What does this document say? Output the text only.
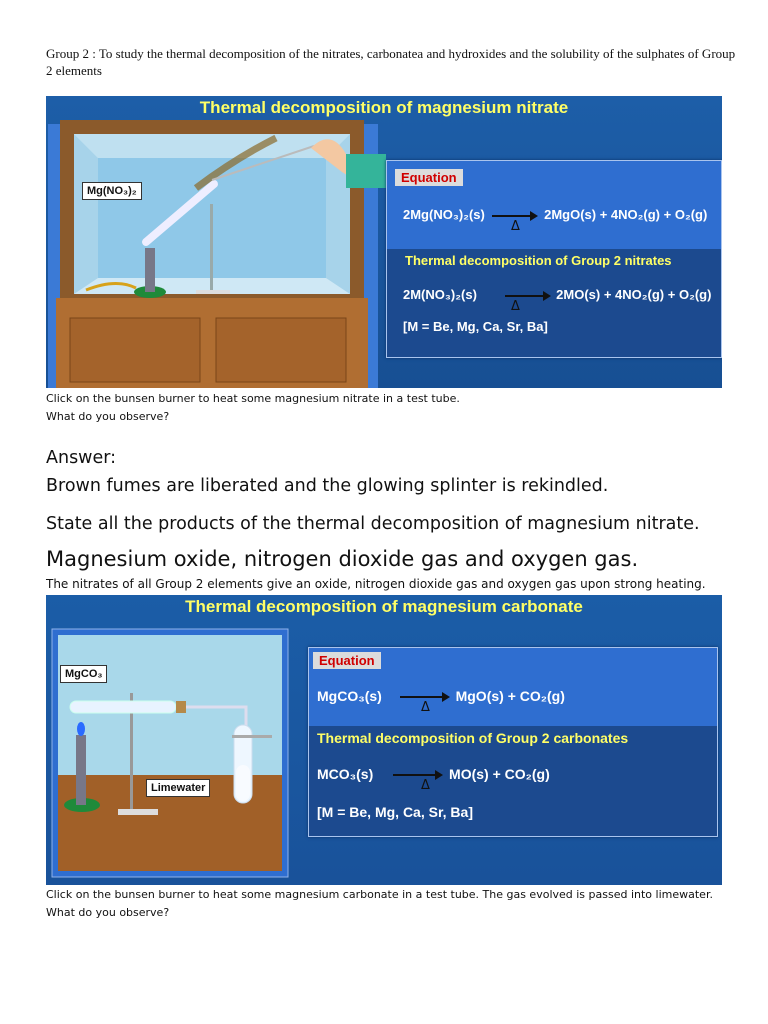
Group 2 : To study the thermal decomposition of the nitrates, carbonatea and hydroxides and the solubility of the sulphates of Group 2 elements
Thermal decomposition of magnesium nitrate
Mg(NO₃)₂
Equation
2Mg(NO₃)₂(s) → 2MgO(s) + 4NO₂(g) + O₂(g)
Δ
Thermal decomposition of Group 2 nitrates
2M(NO₃)₂(s)	2MO(s) + 4NO₂(g) + O₂(g)
Δ
[M = Be, Mg, Ca, Sr, Ba]
Click on the bunsen burner to heat some magnesium nitrate in a test tube.
What do you observe?
Answer:
Brown fumes are liberated and the glowing splinter is rekindled.
State all the products of the thermal decomposition of magnesium nitrate.
Magnesium oxide, nitrogen dioxide gas and oxygen gas.
The nitrates of all Group 2 elements give an oxide, nitrogen dioxide gas and oxygen gas upon strong heating.
Thermal decomposition of magnesium carbonate
MgCO₃
Limewater
Equation
MgCO₃(s) → MgO(s) + CO₂(g)
Δ
Thermal decomposition of Group 2 carbonates
MCO₃(s)	MO(s) + CO₂(g)
Δ
[M = Be, Mg, Ca, Sr, Ba]
Click on the bunsen burner to heat some magnesium carbonate in a test tube. The gas evolved is passed into limewater. What do you observe?
